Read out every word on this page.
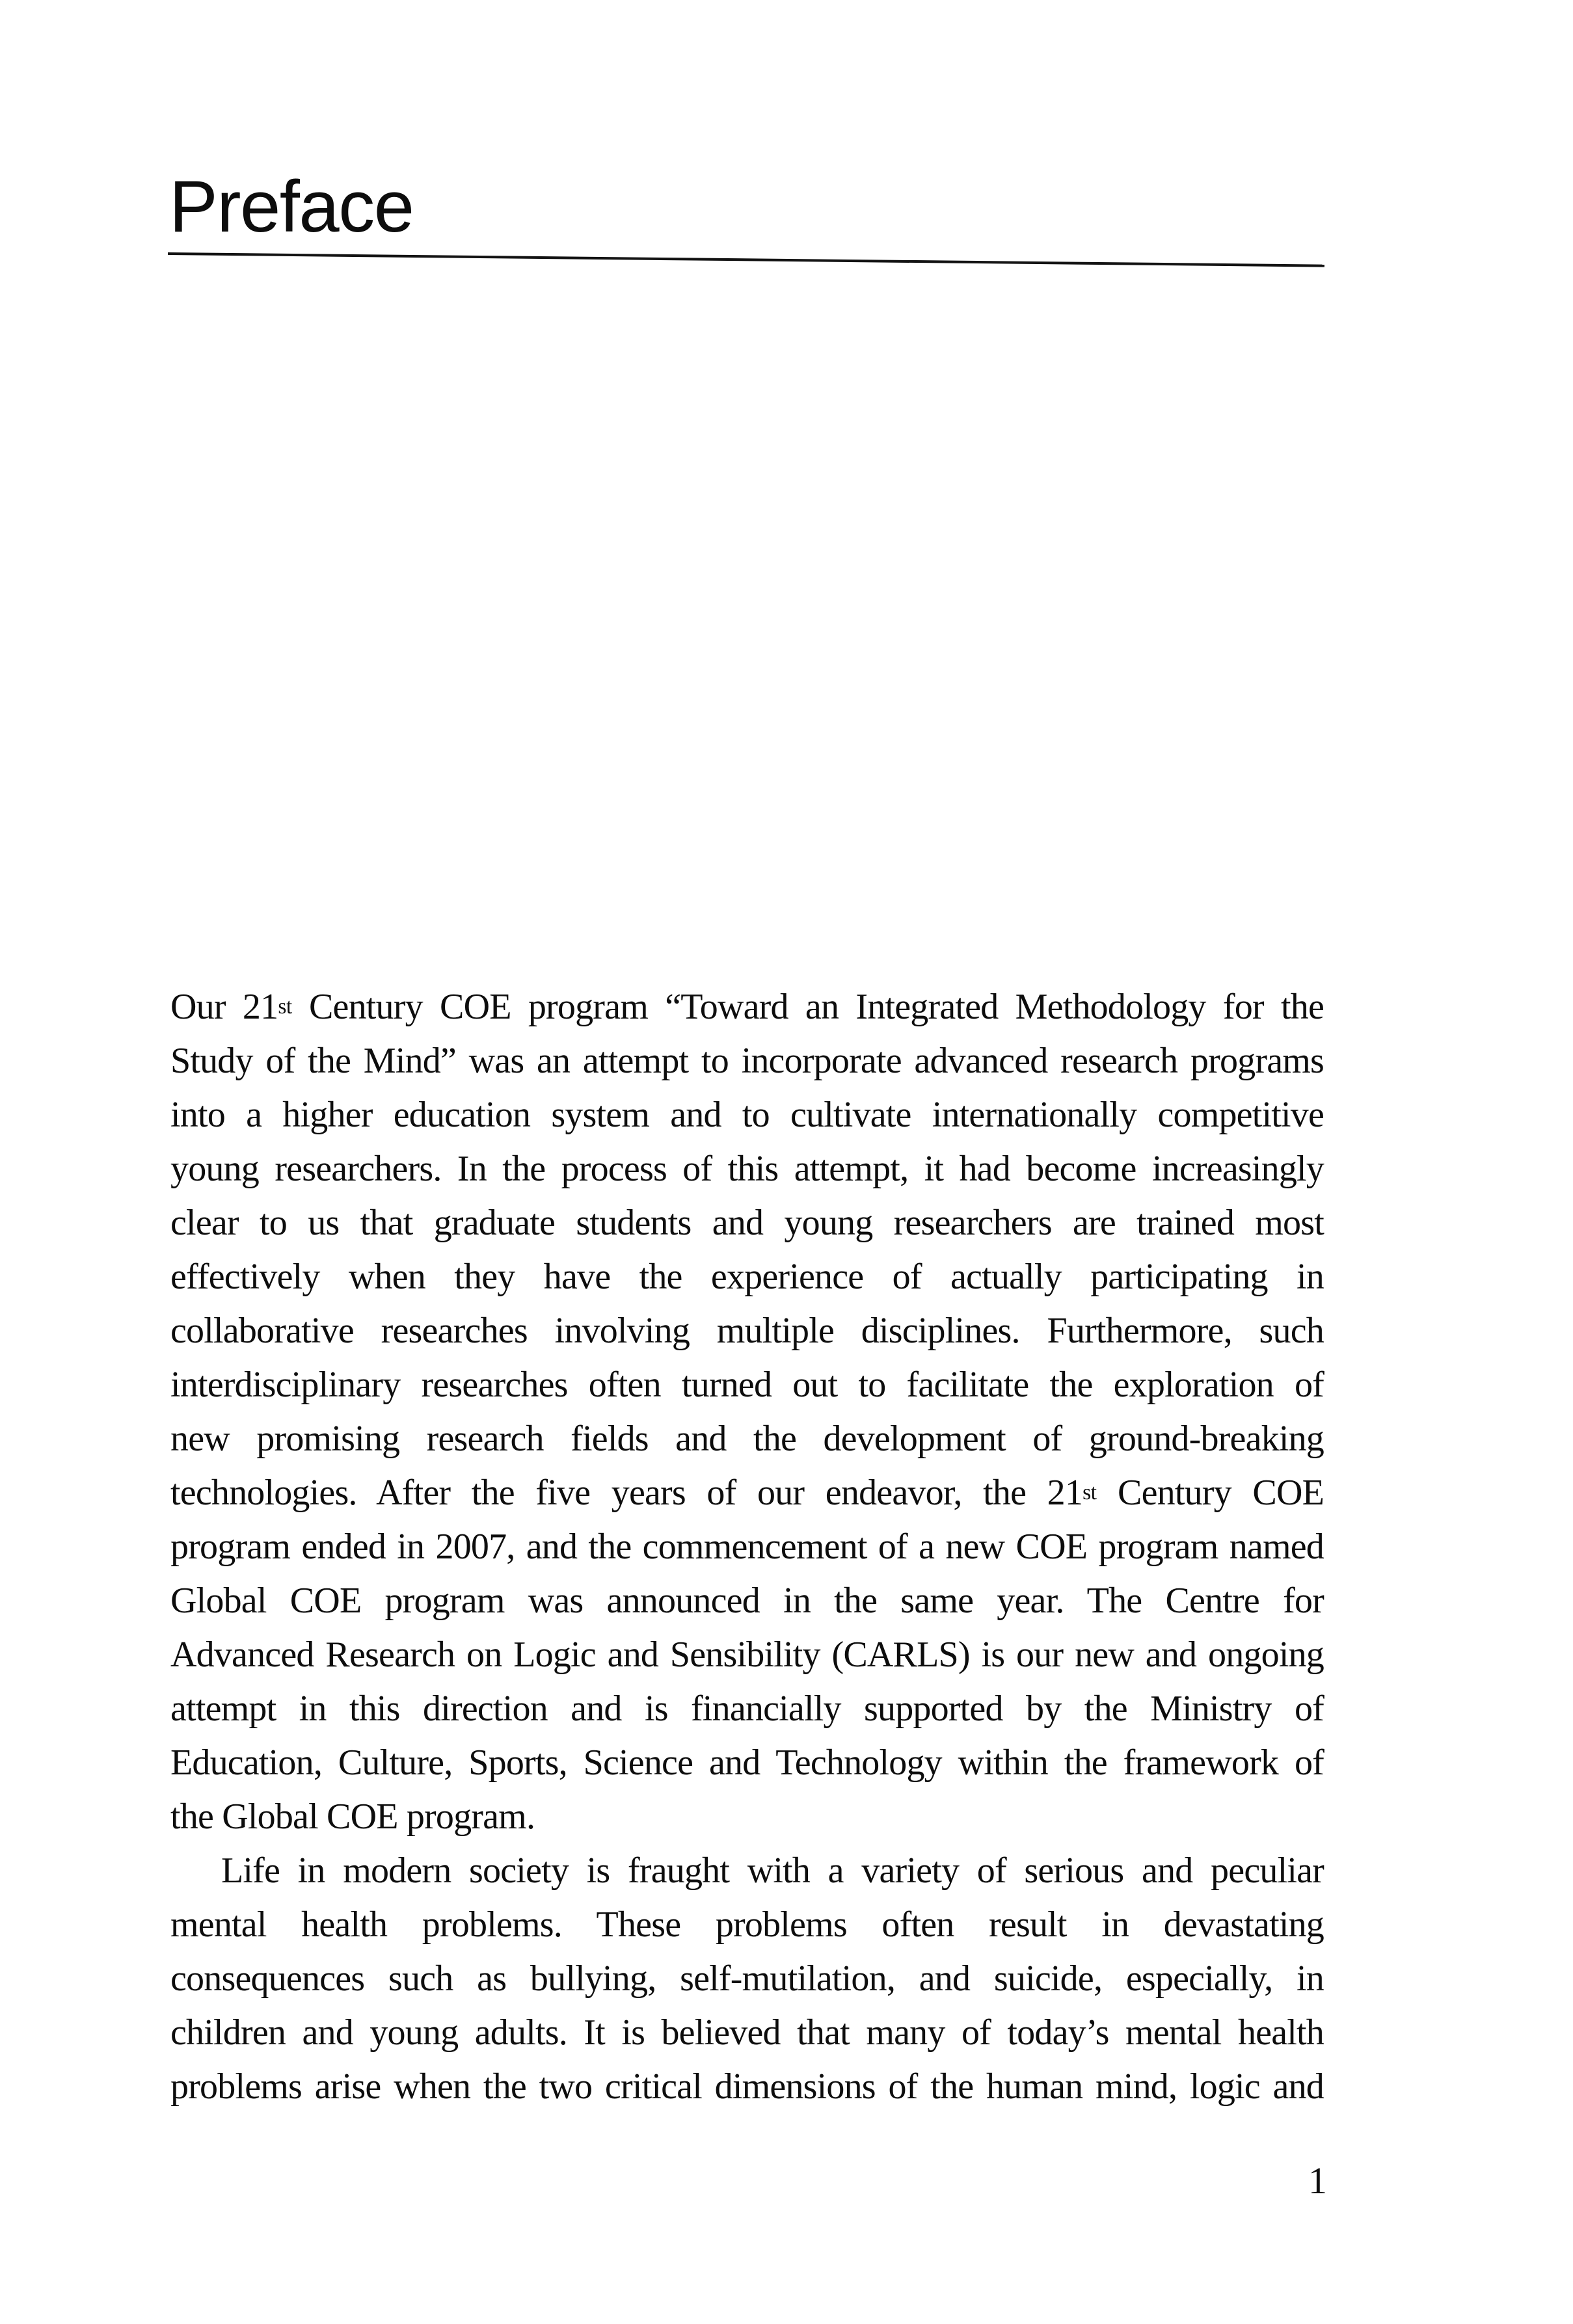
Preface
Our 21st Century COE program “Toward an Integrated Methodology for the
Study of the Mind” was an attempt to incorporate advanced research programs
into a higher education system and to cultivate internationally competitive
young researchers. In the process of this attempt, it had become increasingly
clear to us that graduate students and young researchers are trained most
effectively when they have the experience of actually participating in
collaborative researches involving multiple disciplines. Furthermore, such
interdisciplinary researches often turned out to facilitate the exploration of
new promising research fields and the development of ground-breaking
technologies. After the five years of our endeavor, the 21st Century COE
program ended in 2007, and the commencement of a new COE program named
Global COE program was announced in the same year. The Centre for
Advanced Research on Logic and Sensibility (CARLS) is our new and ongoing
attempt in this direction and is financially supported by the Ministry of
Education, Culture, Sports, Science and Technology within the framework of
the Global COE program.
Life in modern society is fraught with a variety of serious and peculiar
mental health problems. These problems often result in devastating
consequences such as bullying, self-mutilation, and suicide, especially, in
children and young adults. It is believed that many of today’s mental health
problems arise when the two critical dimensions of the human mind, logic and
1
